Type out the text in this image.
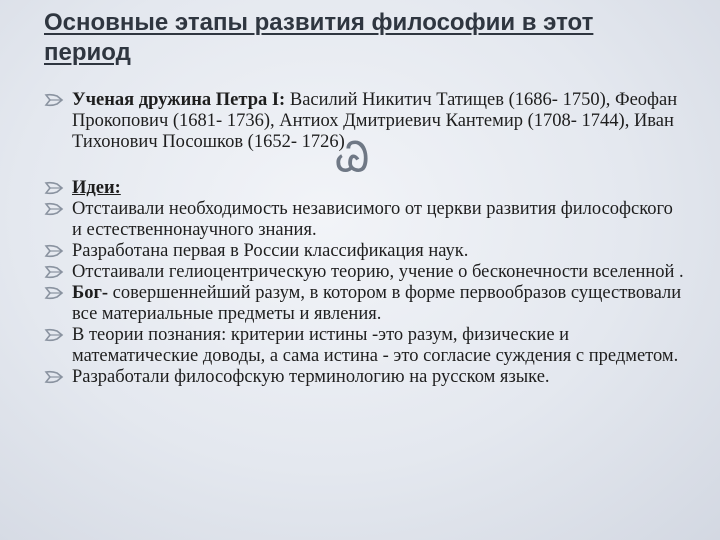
Основные этапы развития философии в этот период
Ꮚ
Ученая дружина Петра I: Василий Никитич Татищев (1686- 1750), Феофан Прокопович (1681- 1736), Антиох Дмитриевич Кантемир (1708- 1744), Иван Тихонович Посошков (1652- 1726)
Идеи:
Отстаивали необходимость независимого от церкви развития философского и естественнонаучного знания.
Разработана первая в России классификация наук.
Отстаивали гелиоцентрическую теорию, учение о бесконечности вселенной .
Бог- совершеннейший разум, в котором в форме первообразов существовали все материальные предметы и явления.
В теории познания: критерии истины -это разум, физические и математические доводы, а сама истина - это согласие суждения с предметом.
Разработали философскую терминологию на русском языке.
